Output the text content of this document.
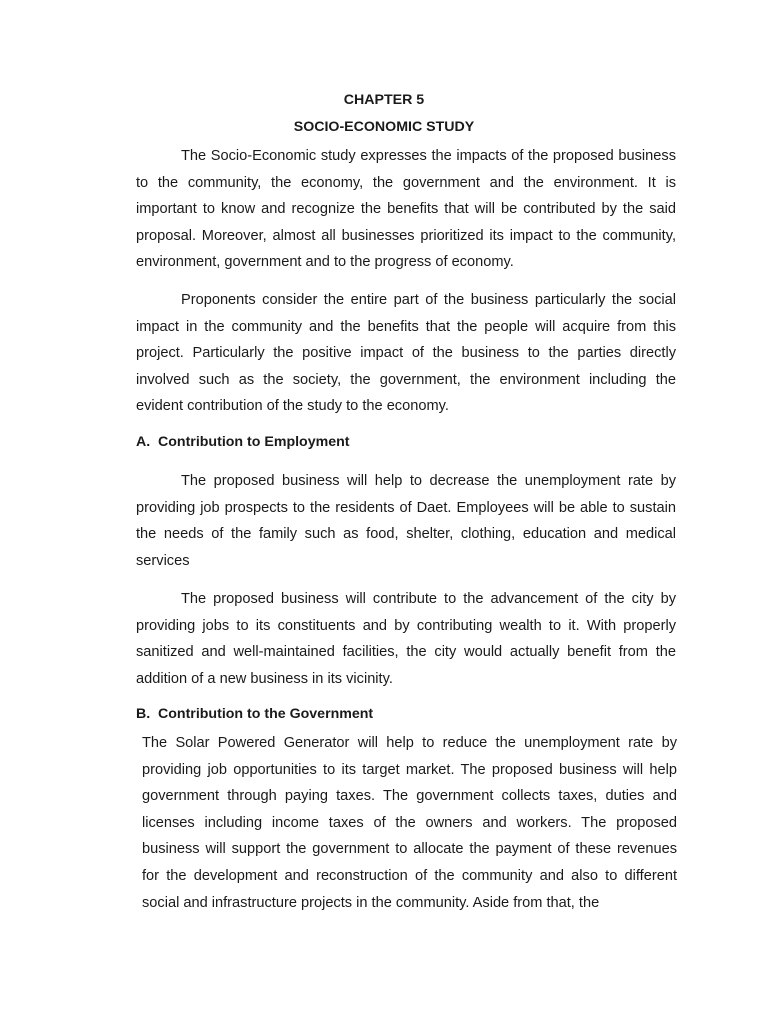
CHAPTER 5
SOCIO-ECONOMIC STUDY

The Socio-Economic study expresses the impacts of the proposed business to the community, the economy, the government and the environment. It is important to know and recognize the benefits that will be contributed by the said proposal. Moreover, almost all businesses prioritized its impact to the community, environment, government and to the progress of economy.

Proponents consider the entire part of the business particularly the social impact in the community and the benefits that the people will acquire from this project. Particularly the positive impact of the business to the parties directly involved such as the society, the government, the environment including the evident contribution of the study to the economy.

A. Contribution to Employment

The proposed business will help to decrease the unemployment rate by providing job prospects to the residents of Daet. Employees will be able to sustain the needs of the family such as food, shelter, clothing, education and medical services

The proposed business will contribute to the advancement of the city by providing jobs to its constituents and by contributing wealth to it. With properly sanitized and well-maintained facilities, the city would actually benefit from the addition of a new business in its vicinity.

B. Contribution to the Government

The Solar Powered Generator will help to reduce the unemployment rate by providing job opportunities to its target market. The proposed business will help government through paying taxes. The government collects taxes, duties and licenses including income taxes of the owners and workers. The proposed business will support the government to allocate the payment of these revenues for the development and reconstruction of the community and also to different social and infrastructure projects in the community. Aside from that, the
